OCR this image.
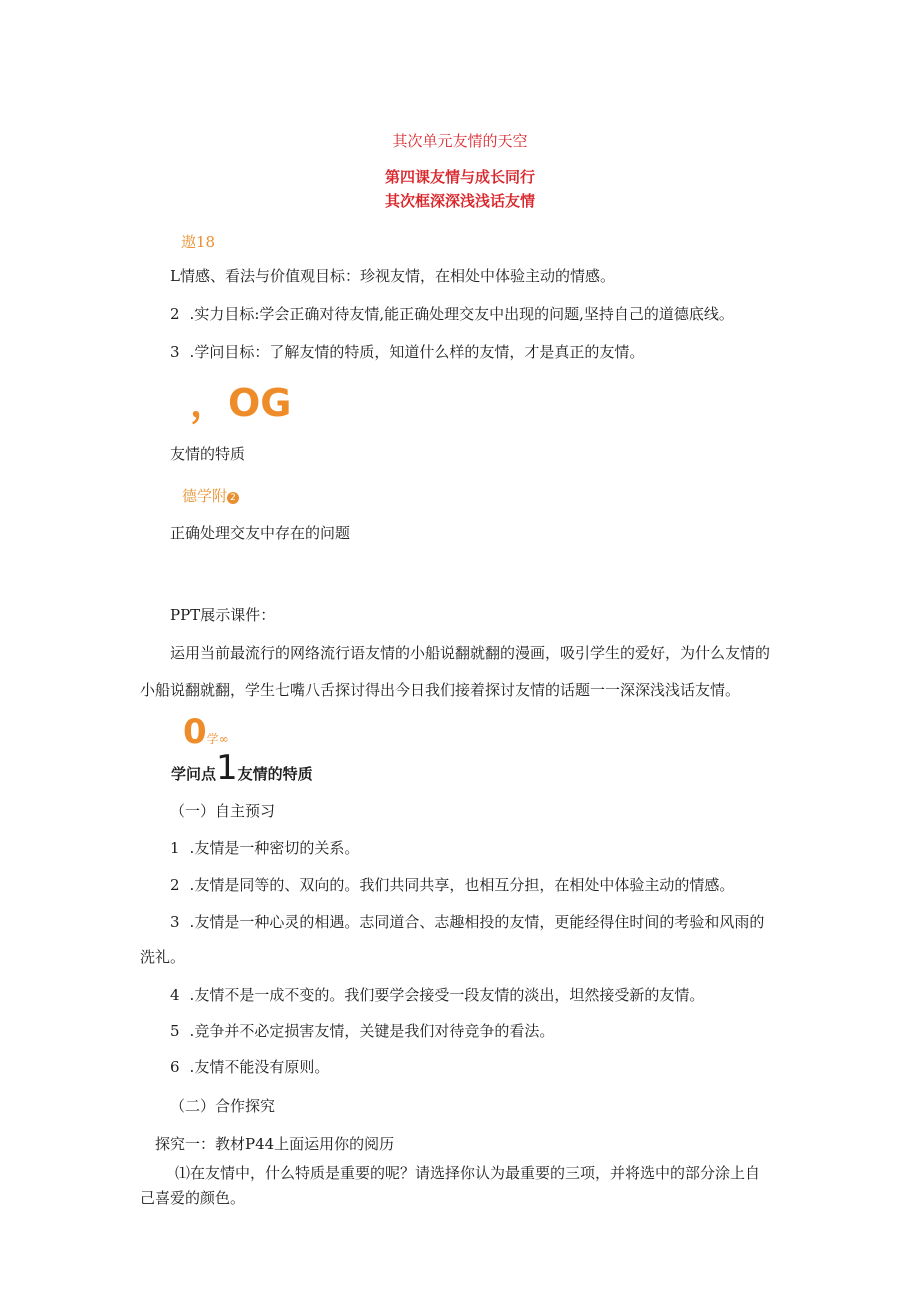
其次单元友情的天空
第四课友情与成长同行
其次框深深浅浅话友情
遨18
L情感、看法与价值观目标：珍视友情，在相处中体验主动的情感。
2 .实力目标:学会正确对待友情,能正确处理交友中出现的问题,坚持自己的道德底线。
3 .学问目标：了解友情的特质，知道什么样的友情，才是真正的友情。
，OG
友情的特质
德学附 2
正确处理交友中存在的问题
PPT展示课件：
运用当前最流行的网络流行语友情的小船说翻就翻的漫画，吸引学生的爱好，为什么友情的
小船说翻就翻，学生七嘴八舌探讨得出今日我们接着探讨友情的话题一一深深浅浅话友情。
0学∞
学问点1友情的特质
（一）自主预习
1 .友情是一种密切的关系。
2 .友情是同等的、双向的。我们共同共享，也相互分担，在相处中体验主动的情感。
3 .友情是一种心灵的相遇。志同道合、志趣相投的友情，更能经得住时间的考验和风雨的
洗礼。
4 .友情不是一成不变的。我们要学会接受一段友情的淡出，坦然接受新的友情。
5 .竞争并不必定损害友情，关键是我们对待竞争的看法。
6 .友情不能没有原则。
（二）合作探究
探究一：教材P44上面运用你的阅历
⑴在友情中，什么特质是重要的呢？请选择你认为最重要的三项，并将选中的部分涂上自
己喜爱的颜色。
